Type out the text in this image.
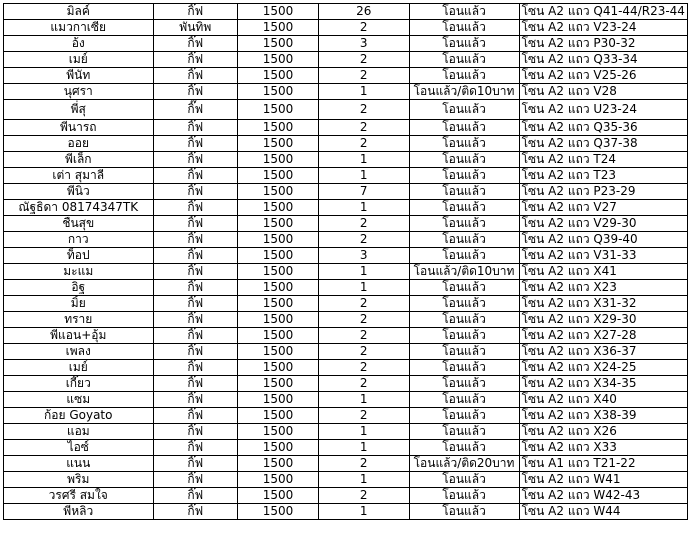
มิลค์	กิ๊ฟ	1500	26	โอนแล้ว	โซน A2 แถว Q41-44/R23-44
แมวกาเซีย	พันทิพ	1500	2	โอนแล้ว	โซน A2 แถว V23-24
อ้ง	กิ๊ฟ	1500	3	โอนแล้ว	โซน A2 แถว P30-32
เมย์	กิ๊ฟ	1500	2	โอนแล้ว	โซน A2 แถว Q33-34
พี่นัท	กิ๊ฟ	1500	2	โอนแล้ว	โซน A2 แถว V25-26
นุศรา	กิ๊ฟ	1500	1	โอนแล้ว/ติด10บาท	โซน A2 แถว V28
พี่สุ	กิ๊ฟ	1500	2	โอนแล้ว	โซน A2 แถว U23-24
พี่นารถ	กิ๊ฟ	1500	2	โอนแล้ว	โซน A2 แถว Q35-36
ออย	กิ๊ฟ	1500	2	โอนแล้ว	โซน A2 แถว Q37-38
พี่เล็ก	กิ๊ฟ	1500	1	โอนแล้ว	โซน A2 แถว T24
เต่า สุมาลี	กิ๊ฟ	1500	1	โอนแล้ว	โซน A2 แถว T23
พี่นิว	กิ๊ฟ	1500	7	โอนแล้ว	โซน A2 แถว P23-29
ณัฐธิดา 08174347TK	กิ๊ฟ	1500	1	โอนแล้ว	โซน A2 แถว V27
ชื่นสุข	กิ๊ฟ	1500	2	โอนแล้ว	โซน A2 แถว V29-30
กาว	กิ๊ฟ	1500	2	โอนแล้ว	โซน A2 แถว Q39-40
ท็อป	กิ๊ฟ	1500	3	โอนแล้ว	โซน A2 แถว V31-33
มะแม	กิ๊ฟ	1500	1	โอนแล้ว/ติด10บาท	โซน A2 แถว X41
อิฐ	กิ๊ฟ	1500	1	โอนแล้ว	โซน A2 แถว X23
มิ้ย	กิ๊ฟ	1500	2	โอนแล้ว	โซน A2 แถว X31-32
ทราย	กิ๊ฟ	1500	2	โอนแล้ว	โซน A2 แถว X29-30
พี่แอน+อุ้ม	กิ๊ฟ	1500	2	โอนแล้ว	โซน A2 แถว X27-28
เพลง	กิ๊ฟ	1500	2	โอนแล้ว	โซน A2 แถว X36-37
เมย์	กิ๊ฟ	1500	2	โอนแล้ว	โซน A2 แถว X24-25
เกี๊ยว	กิ๊ฟ	1500	2	โอนแล้ว	โซน A2 แถว X34-35
แซม	กิ๊ฟ	1500	1	โอนแล้ว	โซน A2 แถว X40
ก้อย Goyato	กิ๊ฟ	1500	2	โอนแล้ว	โซน A2 แถว X38-39
แอม	กิ๊ฟ	1500	1	โอนแล้ว	โซน A2 แถว X26
ไอซ์	กิ๊ฟ	1500	1	โอนแล้ว	โซน A2 แถว X33
แนน	กิ๊ฟ	1500	2	โอนแล้ว/ติด20บาท	โซน A1 แถว T21-22
พริม	กิ๊ฟ	1500	1	โอนแล้ว	โซน A2 แถว W41
วรศรี สมใจ	กิ๊ฟ	1500	2	โอนแล้ว	โซน A2 แถว W42-43
พี่หลิว	กิ๊ฟ	1500	1	โอนแล้ว	โซน A2 แถว W44
